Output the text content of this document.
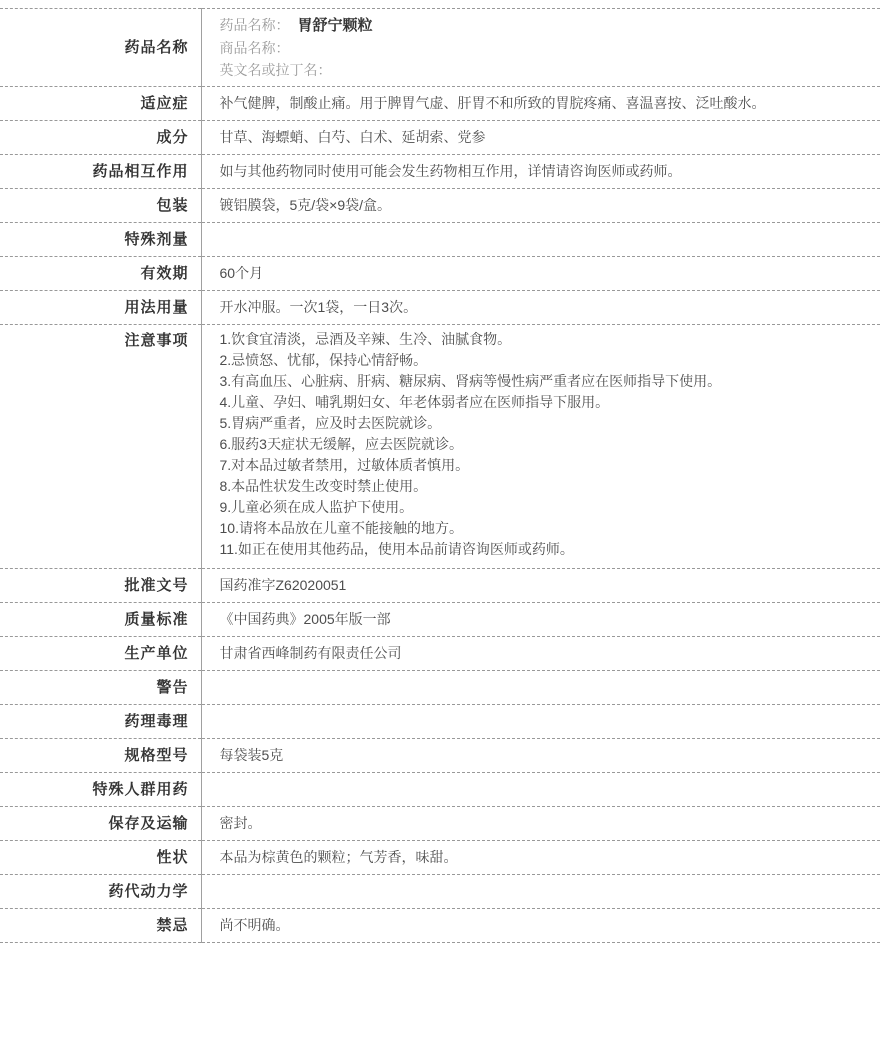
药品名称	药品名称： 胃舒宁颗粒
商品名称：
英文名或拉丁名：

适应症	补气健脾，制酸止痛。用于脾胃气虚、肝胃不和所致的胃脘疼痛、喜温喜按、泛吐酸水。
成分	甘草、海螵蛸、白芍、白术、延胡索、党参
药品相互作用	如与其他药物同时使用可能会发生药物相互作用，详情请咨询医师或药师。
包装	镀铝膜袋，5克/袋×9袋/盒。
特殊剂量	
有效期	60个月
用法用量	开水冲服。一次1袋，一日3次。
注意事项	1.饮食宜清淡，忌酒及辛辣、生冷、油腻食物。
2.忌愤怒、忧郁，保持心情舒畅。
3.有高血压、心脏病、肝病、糖尿病、肾病等慢性病严重者应在医师指导下使用。
4.儿童、孕妇、哺乳期妇女、年老体弱者应在医师指导下服用。
5.胃病严重者，应及时去医院就诊。
6.服药3天症状无缓解，应去医院就诊。
7.对本品过敏者禁用，过敏体质者慎用。
8.本品性状发生改变时禁止使用。
9.儿童必须在成人监护下使用。
10.请将本品放在儿童不能接触的地方。
11.如正在使用其他药品，使用本品前请咨询医师或药师。

批准文号	国药准字Z62020051
质量标准	《中国药典》2005年版一部
生产单位	甘肃省西峰制药有限责任公司
警告	
药理毒理	
规格型号	每袋装5克
特殊人群用药	
保存及运输	密封。
性状	本品为棕黄色的颗粒；气芳香，味甜。
药代动力学	
禁忌	尚不明确。
